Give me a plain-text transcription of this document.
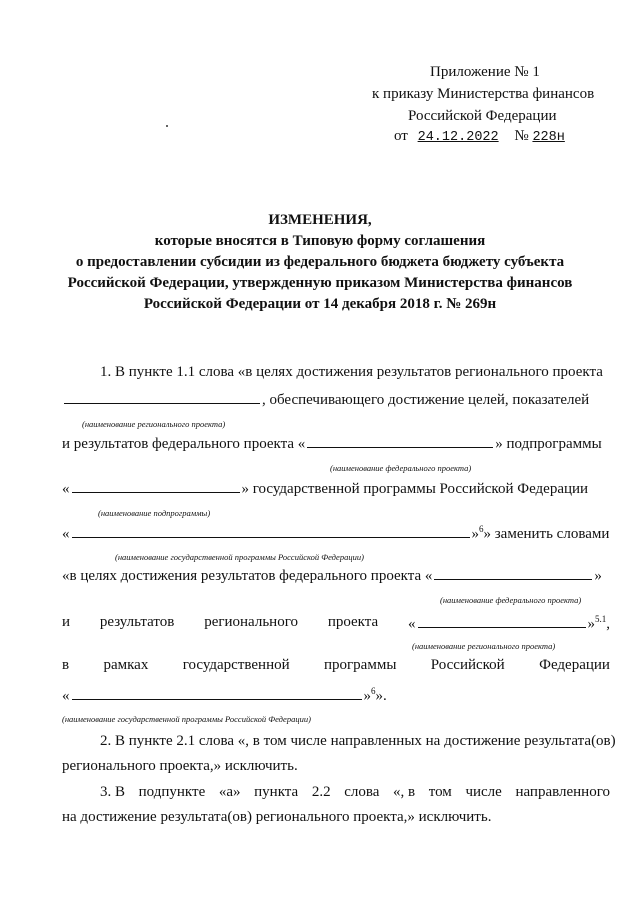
Приложение № 1
к приказу Министерства финансов
Российской Федерации
от 24.12.2022 № 228н
ИЗМЕНЕНИЯ,
которые вносятся в Типовую форму соглашения
о предоставлении субсидии из федерального бюджета бюджету субъекта
Российской Федерации, утвержденную приказом Министерства финансов
Российской Федерации от 14 декабря 2018 г. № 269н
1. В пункте 1.1 слова «в целях достижения результатов регионального проекта
, обеспечивающего достижение целей, показателей
(наименование регионального проекта)
и результатов федерального проекта «	» подпрограммы
(наименование федерального проекта)
«	» государственной программы Российской Федерации
(наименование подпрограммы)
«	»$^6$» заменить словами
(наименование государственной программы Российской Федерации)
«в целях достижения результатов федерального проекта «	»
(наименование федерального проекта)
и результатов регионального проекта «	»$^{5.1}$,
(наименование регионального проекта)
в рамках государственной программы Российской Федерации
«	»$^6$».
(наименование государственной программы Российской Федерации)
2. В пункте 2.1 слова «, в том числе направленных на достижение результата(ов)
регионального проекта,» исключить.
3. В подпункте «а» пункта 2.2 слова «, в том числе направленного
на достижение результата(ов) регионального проекта,» исключить.
